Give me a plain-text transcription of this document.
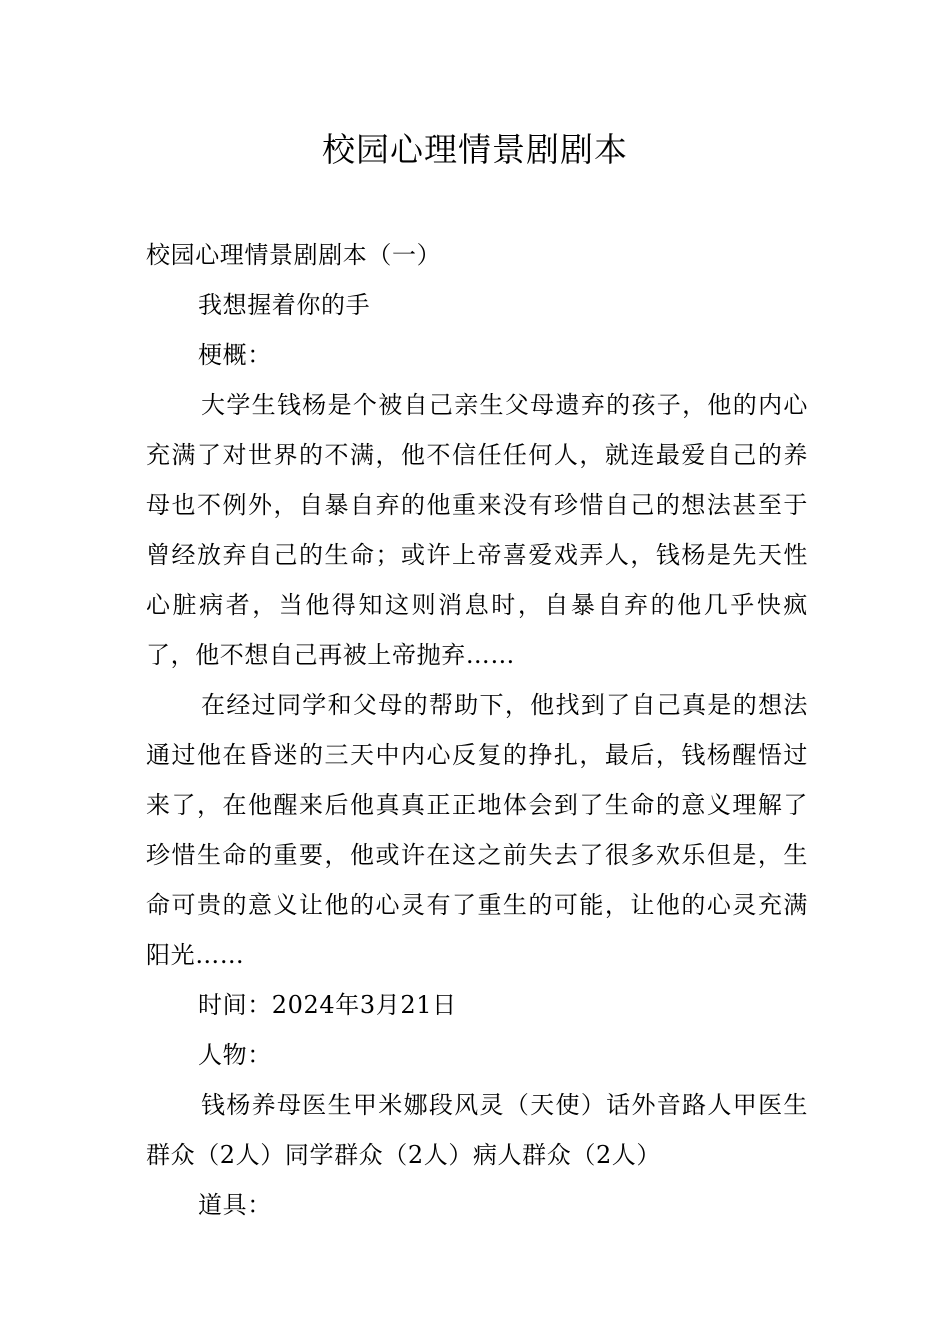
校园心理情景剧剧本

校园心理情景剧剧本（一）

我想握着你的手

梗概：

大学生钱杨是个被自己亲生父母遗弃的孩子，他的内心充满了对世界的不满，他不信任任何人，就连最爱自己的养母也不例外，自暴自弃的他重来没有珍惜自己的想法甚至于曾经放弃自己的生命；或许上帝喜爱戏弄人，钱杨是先天性心脏病者，当他得知这则消息时，自暴自弃的他几乎快疯了，他不想自己再被上帝抛弃……

在经过同学和父母的帮助下，他找到了自己真是的想法通过他在昏迷的三天中内心反复的挣扎，最后，钱杨醒悟过来了，在他醒来后他真真正正地体会到了生命的意义理解了珍惜生命的重要，他或许在这之前失去了很多欢乐但是，生命可贵的意义让他的心灵有了重生的可能，让他的心灵充满阳光……

时间：2024年3月21日

人物：

钱杨养母医生甲米娜段风灵（天使）话外音路人甲医生群众（2人）同学群众（2人）病人群众（2人）

道具：
